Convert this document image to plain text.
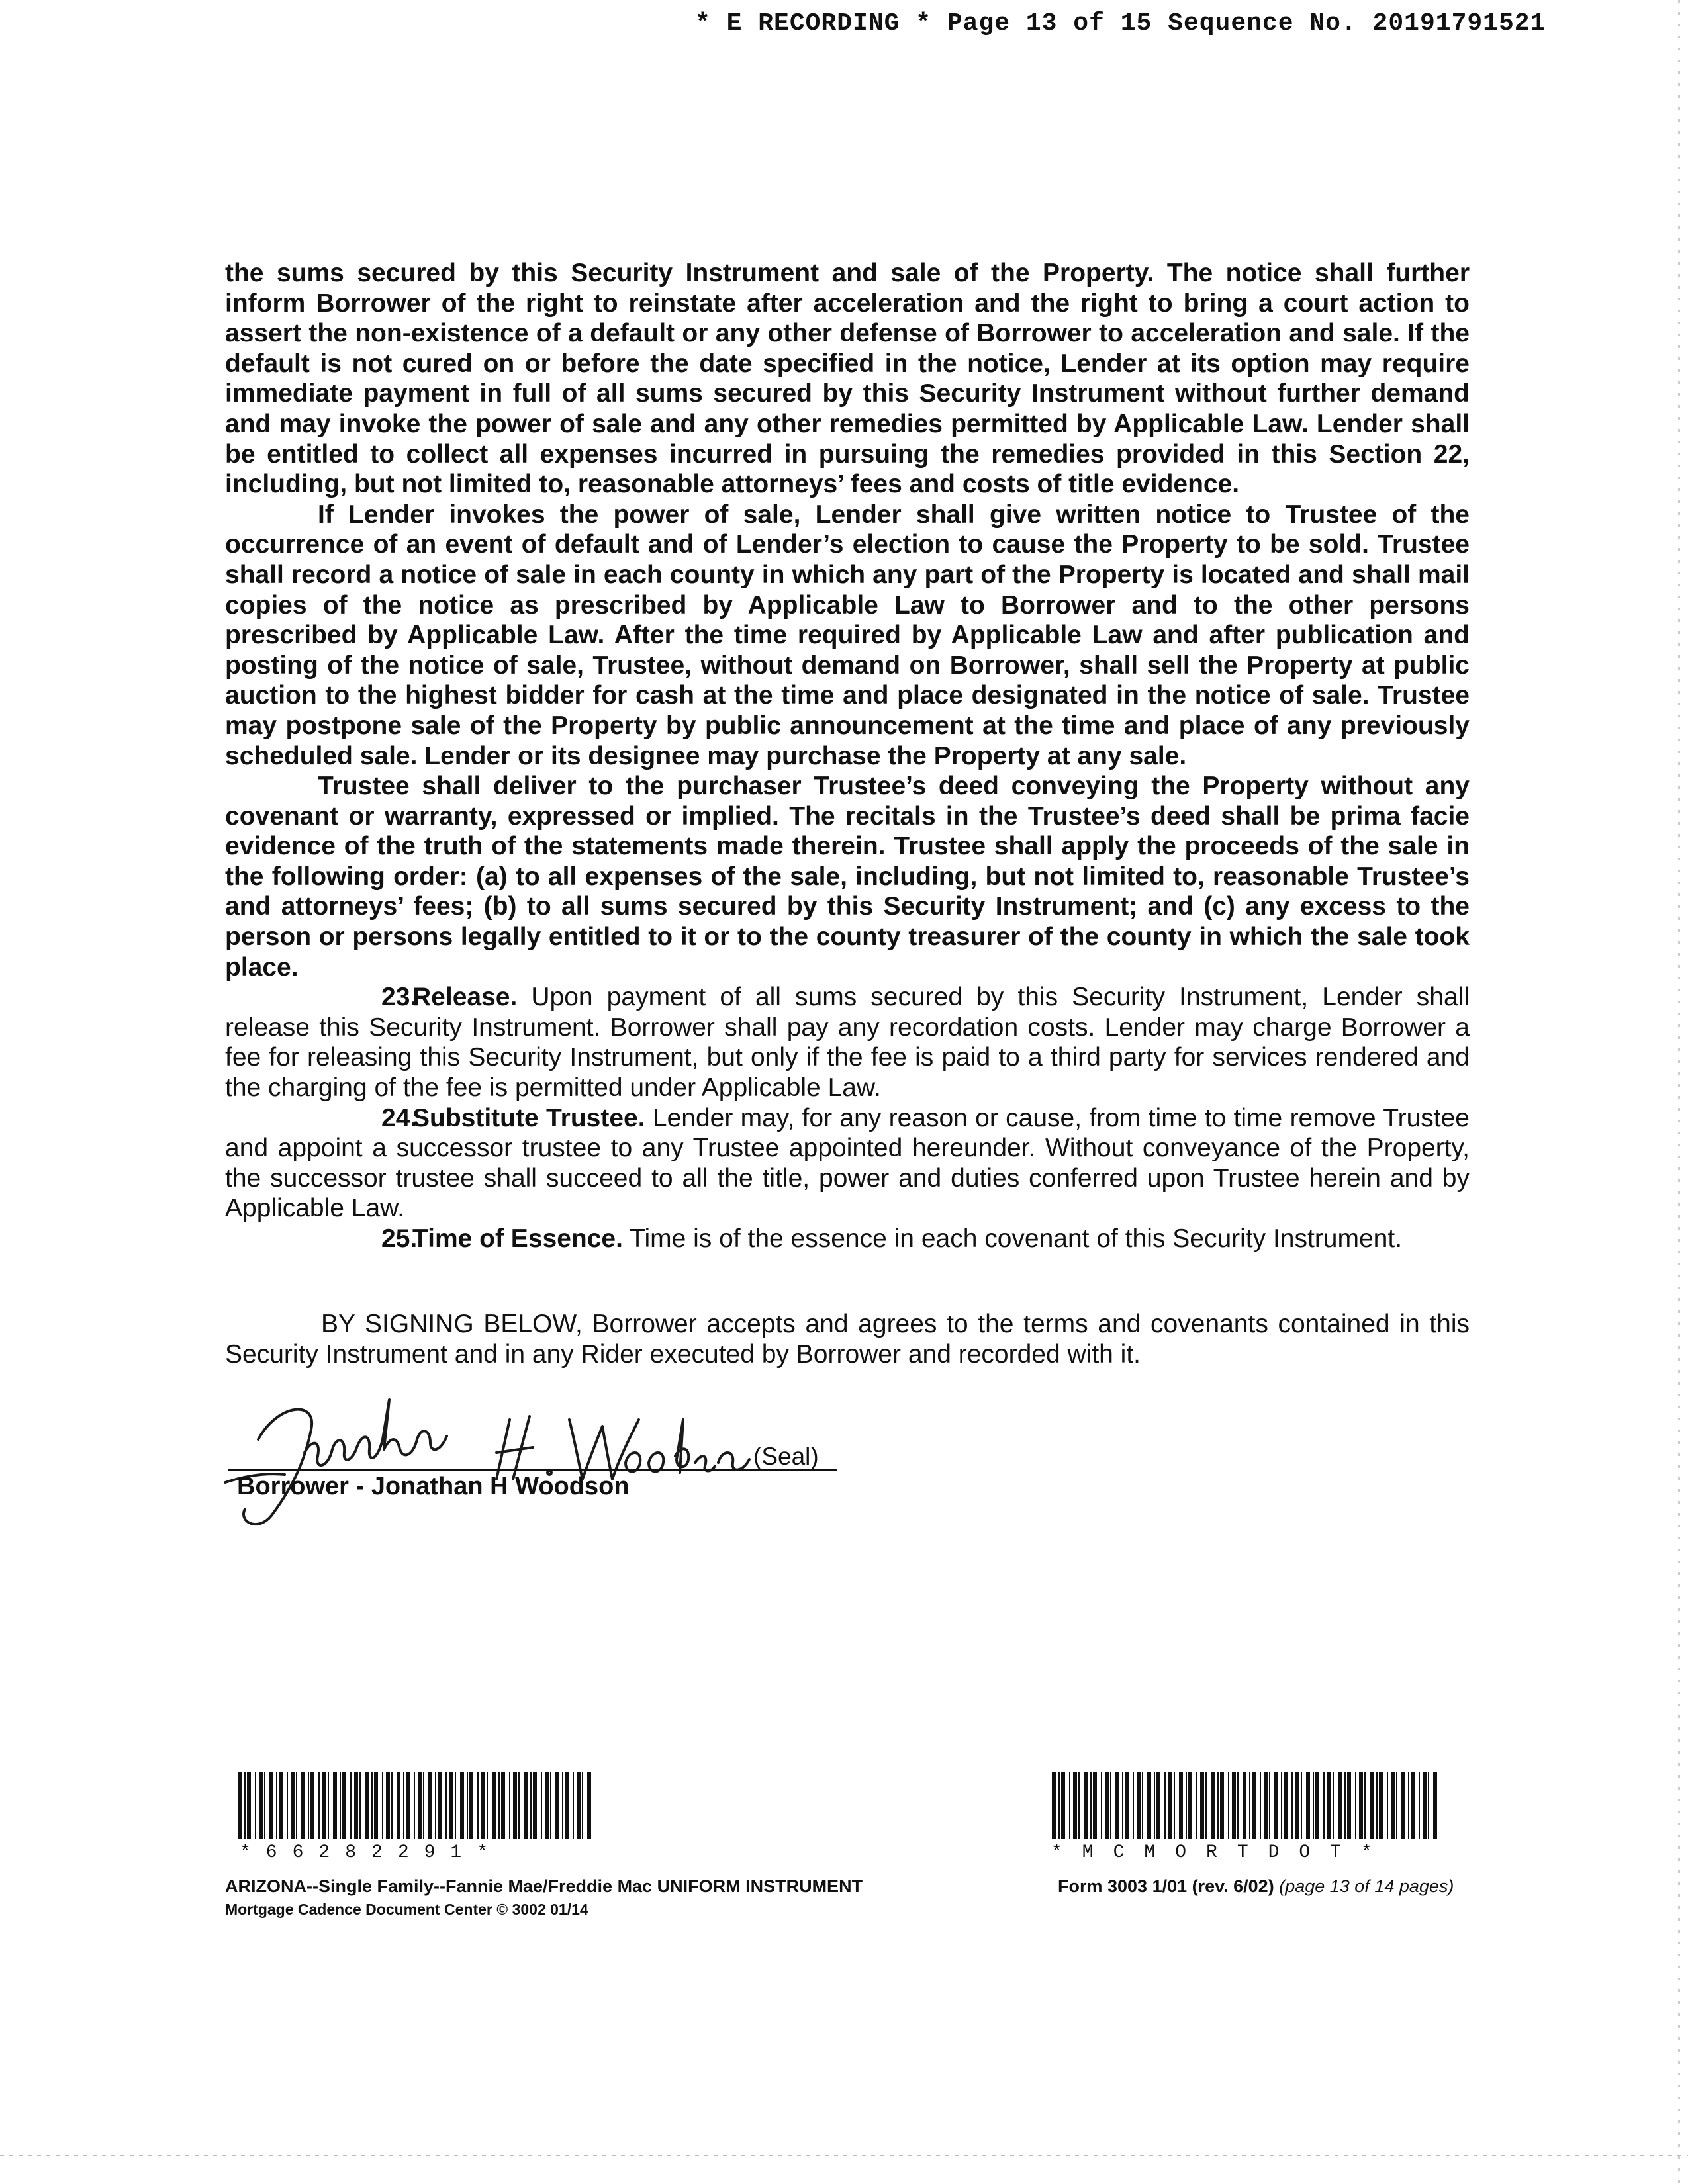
* E RECORDING * Page 13 of 15 Sequence No. 20191791521

the sums secured by this Security Instrument and sale of the Property. The notice shall further inform Borrower of the right to reinstate after acceleration and the right to bring a court action to assert the non-existence of a default or any other defense of Borrower to acceleration and sale. If the default is not cured on or before the date specified in the notice, Lender at its option may require immediate payment in full of all sums secured by this Security Instrument without further demand and may invoke the power of sale and any other remedies permitted by Applicable Law. Lender shall be entitled to collect all expenses incurred in pursuing the remedies provided in this Section 22, including, but not limited to, reasonable attorneys’ fees and costs of title evidence.

If Lender invokes the power of sale, Lender shall give written notice to Trustee of the occurrence of an event of default and of Lender’s election to cause the Property to be sold. Trustee shall record a notice of sale in each county in which any part of the Property is located and shall mail copies of the notice as prescribed by Applicable Law to Borrower and to the other persons prescribed by Applicable Law. After the time required by Applicable Law and after publication and posting of the notice of sale, Trustee, without demand on Borrower, shall sell the Property at public auction to the highest bidder for cash at the time and place designated in the notice of sale. Trustee may postpone sale of the Property by public announcement at the time and place of any previously scheduled sale. Lender or its designee may purchase the Property at any sale.

Trustee shall deliver to the purchaser Trustee’s deed conveying the Property without any covenant or warranty, expressed or implied. The recitals in the Trustee’s deed shall be prima facie evidence of the truth of the statements made therein. Trustee shall apply the proceeds of the sale in the following order: (a) to all expenses of the sale, including, but not limited to, reasonable Trustee’s and attorneys’ fees; (b) to all sums secured by this Security Instrument; and (c) any excess to the person or persons legally entitled to it or to the county treasurer of the county in which the sale took place.

23.Release. Upon payment of all sums secured by this Security Instrument, Lender shall release this Security Instrument. Borrower shall pay any recordation costs. Lender may charge Borrower a fee for releasing this Security Instrument, but only if the fee is paid to a third party for services rendered and the charging of the fee is permitted under Applicable Law.

24.Substitute Trustee. Lender may, for any reason or cause, from time to time remove Trustee and appoint a successor trustee to any Trustee appointed hereunder. Without conveyance of the Property, the successor trustee shall succeed to all the title, power and duties conferred upon Trustee herein and by Applicable Law.

25.Time of Essence. Time is of the essence in each covenant of this Security Instrument.

BY SIGNING BELOW, Borrower accepts and agrees to the terms and covenants contained in this Security Instrument and in any Rider executed by Borrower and recorded with it.

(Seal)
Borrower - Jonathan H Woodson
*66282291*	*MCMORTDOT*
ARIZONA--Single Family--Fannie Mae/Freddie Mac UNIFORM INSTRUMENT
Mortgage Cadence Document Center © 3002 01/14
Form 3003 1/01 (rev. 6/02) (page 13 of 14 pages)
